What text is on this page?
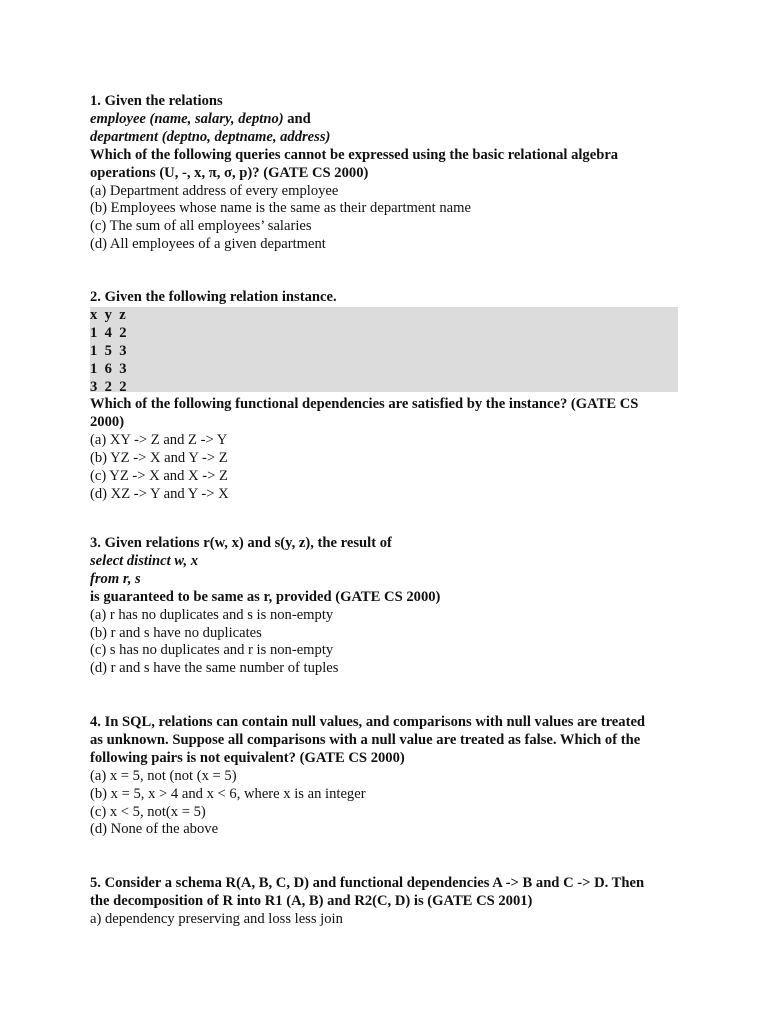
1. Given the relations
employee (name, salary, deptno) and
department (deptno, deptname, address)
Which of the following queries cannot be expressed using the basic relational algebra
operations (U, -, x, π, σ, p)? (GATE CS 2000)
(a) Department address of every employee
(b) Employees whose name is the same as their department name
(c) The sum of all employees’ salaries
(d) All employees of a given department
2. Given the following relation instance.
x  y  z
1  4  2
1  5  3
1  6  3
3  2  2
Which of the following functional dependencies are satisfied by the instance? (GATE CS
2000)
(a) XY -> Z and Z -> Y
(b) YZ -> X and Y -> Z
(c) YZ -> X and X -> Z
(d) XZ -> Y and Y -> X
3. Given relations r(w, x) and s(y, z), the result of
select distinct w, x
from r, s
is guaranteed to be same as r, provided (GATE CS 2000)
(a) r has no duplicates and s is non-empty
(b) r and s have no duplicates
(c) s has no duplicates and r is non-empty
(d) r and s have the same number of tuples
4. In SQL, relations can contain null values, and comparisons with null values are treated
as unknown. Suppose all comparisons with a null value are treated as false. Which of the
following pairs is not equivalent? (GATE CS 2000)
(a) x = 5, not (not (x = 5)
(b) x = 5, x > 4 and x < 6, where x is an integer
(c) x < 5, not(x = 5)
(d) None of the above
5. Consider a schema R(A, B, C, D) and functional dependencies A -> B and C -> D. Then
the decomposition of R into R1 (A, B) and R2(C, D) is (GATE CS 2001)
a) dependency preserving and loss less join
